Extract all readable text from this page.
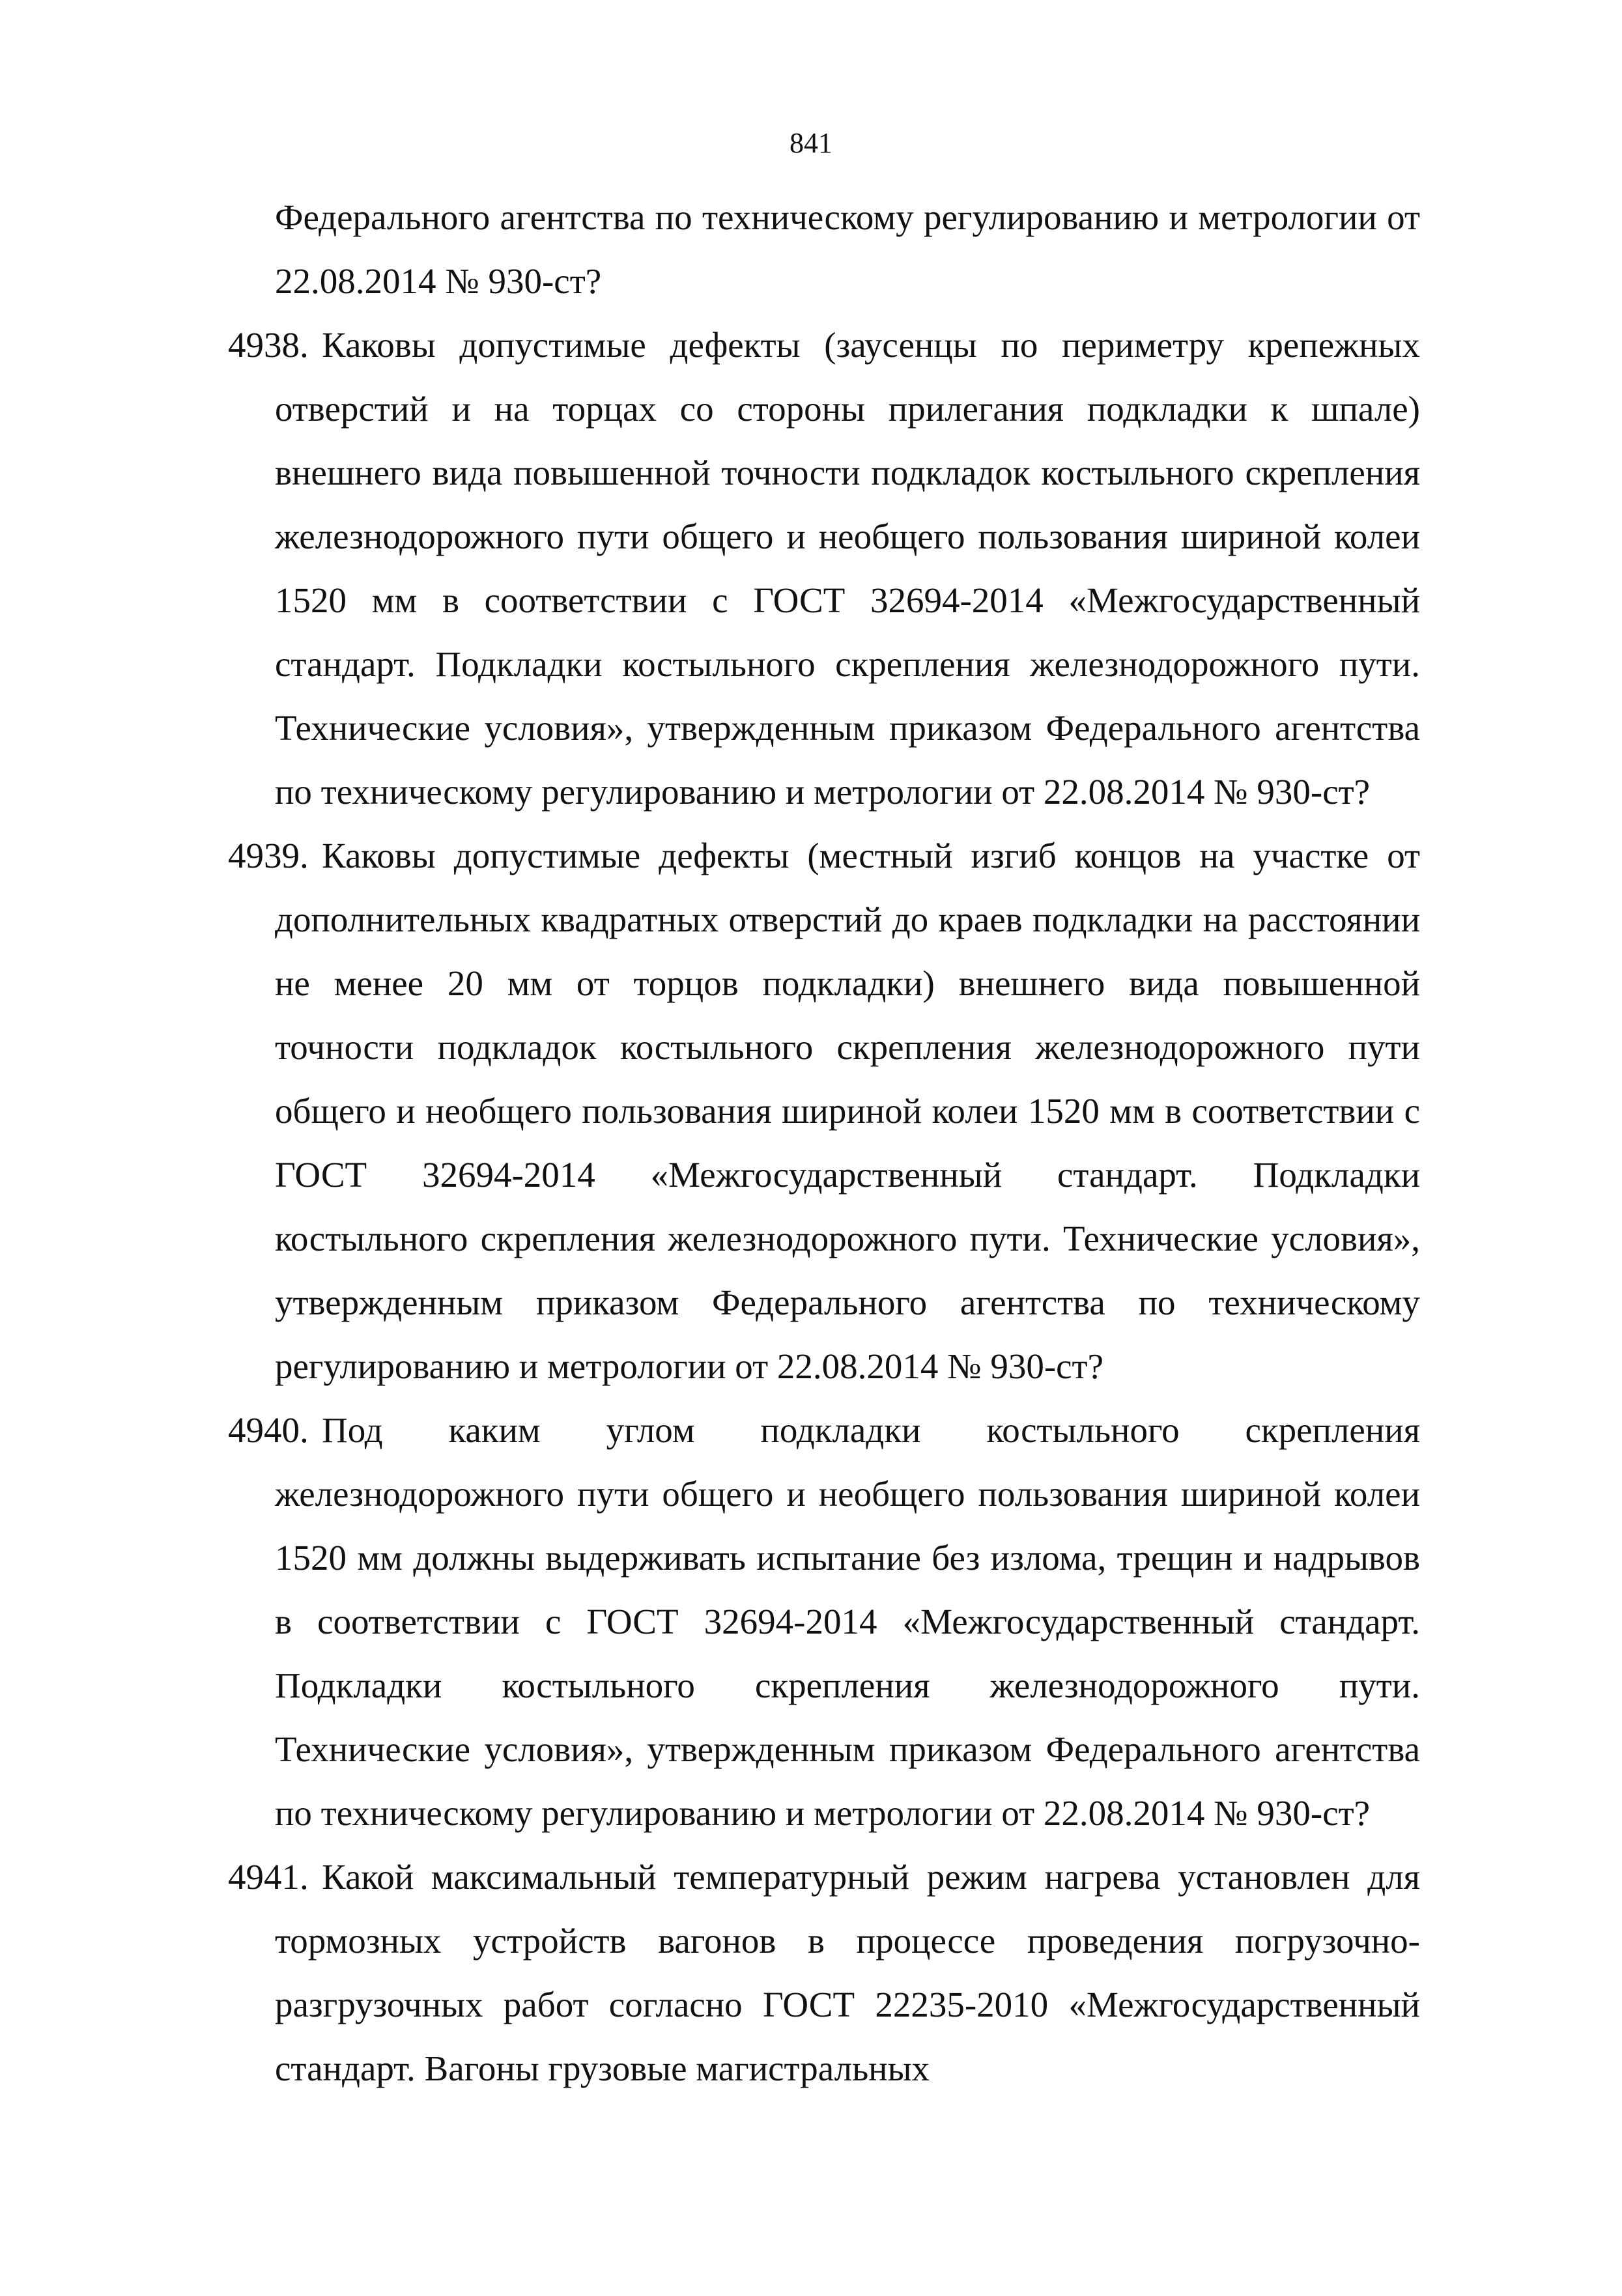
841

Федерального агентства по техническому регулированию и метрологии от 22.08.2014 № 930-ст?

4938. Каковы допустимые дефекты (заусенцы по периметру крепежных отверстий и на торцах со стороны прилегания подкладки к шпале) внешнего вида повышенной точности подкладок костыльного скрепления железнодорожного пути общего и необщего пользования шириной колеи 1520 мм в соответствии с ГОСТ 32694-2014 «Межгосударственный стандарт. Подкладки костыльного скрепления железнодорожного пути. Технические условия», утвержденным приказом Федерального агентства по техническому регулированию и метрологии от 22.08.2014 № 930-ст?
4939. Каковы допустимые дефекты (местный изгиб концов на участке от дополнительных квадратных отверстий до краев подкладки на расстоянии не менее 20 мм от торцов подкладки) внешнего вида повышенной точности подкладок костыльного скрепления железнодорожного пути общего и необщего пользования шириной колеи 1520 мм в соответствии с ГОСТ 32694-2014 «Межгосударственный стандарт. Подкладки костыльного скрепления железнодорожного пути. Технические условия», утвержденным приказом Федерального агентства по техническому регулированию и метрологии от 22.08.2014 № 930-ст?
4940. Под каким углом подкладки костыльного скрепления железнодорожного пути общего и необщего пользования шириной колеи 1520 мм должны выдерживать испытание без излома, трещин и надрывов в соответствии с ГОСТ 32694-2014 «Межгосударственный стандарт. Подкладки костыльного скрепления железнодорожного пути. Технические условия», утвержденным приказом Федерального агентства по техническому регулированию и метрологии от 22.08.2014 № 930-ст?
4941. Какой максимальный температурный режим нагрева установлен для тормозных устройств вагонов в процессе проведения погрузочно-разгрузочных работ согласно ГОСТ 22235-2010 «Межгосударственный стандарт. Вагоны грузовые магистральных
